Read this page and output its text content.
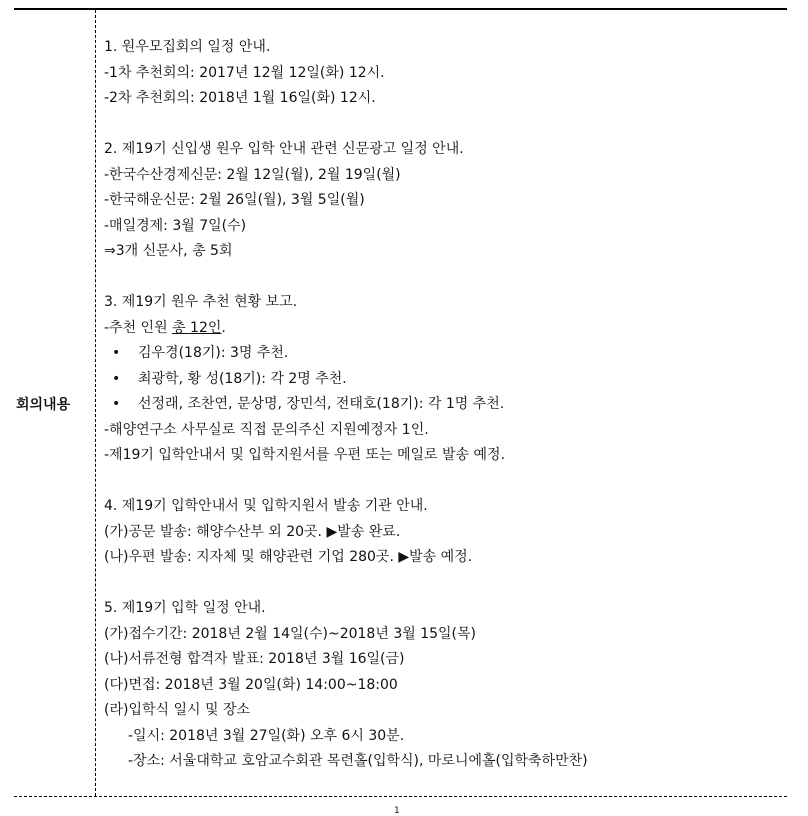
회의내용
1. 원우모집회의 일정 안내.
-1차 추천회의: 2017년 12월 12일(화) 12시.
-2차 추천회의: 2018년 1월 16일(화) 12시.
2. 제19기 신입생 원우 입학 안내 관련 신문광고 일정 안내.
-한국수산경제신문: 2월 12일(월), 2월 19일(월)
-한국해운신문: 2월 26일(월), 3월 5일(월)
-매일경제: 3월 7일(수)
⇒3개 신문사, 총 5회
3. 제19기 원우 추천 현황 보고.
-추천 인원 총 12인.
•	김우경(18기): 3명 추천.
•	최광학, 황 성(18기): 각 2명 추천.
•	선정래, 조찬연, 문상명, 장민석, 전태호(18기): 각 1명 추천.
-해양연구소 사무실로 직접 문의주신 지원예정자 1인.
-제19기 입학안내서 및 입학지원서를 우편 또는 메일로 발송 예정.
4. 제19기 입학안내서 및 입학지원서 발송 기관 안내.
(가)공문 발송: 해양수산부 외 20곳. ▶발송 완료.
(나)우편 발송: 지자체 및 해양관련 기업 280곳. ▶발송 예정.
5. 제19기 입학 일정 안내.
(가)접수기간: 2018년 2월 14일(수)~2018년 3월 15일(목)
(나)서류전형 합격자 발표: 2018년 3월 16일(금)
(다)면접: 2018년 3월 20일(화) 14:00~18:00
(라)입학식 일시 및 장소
-일시: 2018년 3월 27일(화) 오후 6시 30분.
-장소: 서울대학교 호암교수회관 목련홀(입학식), 마로니에홀(입학축하만찬)
1
